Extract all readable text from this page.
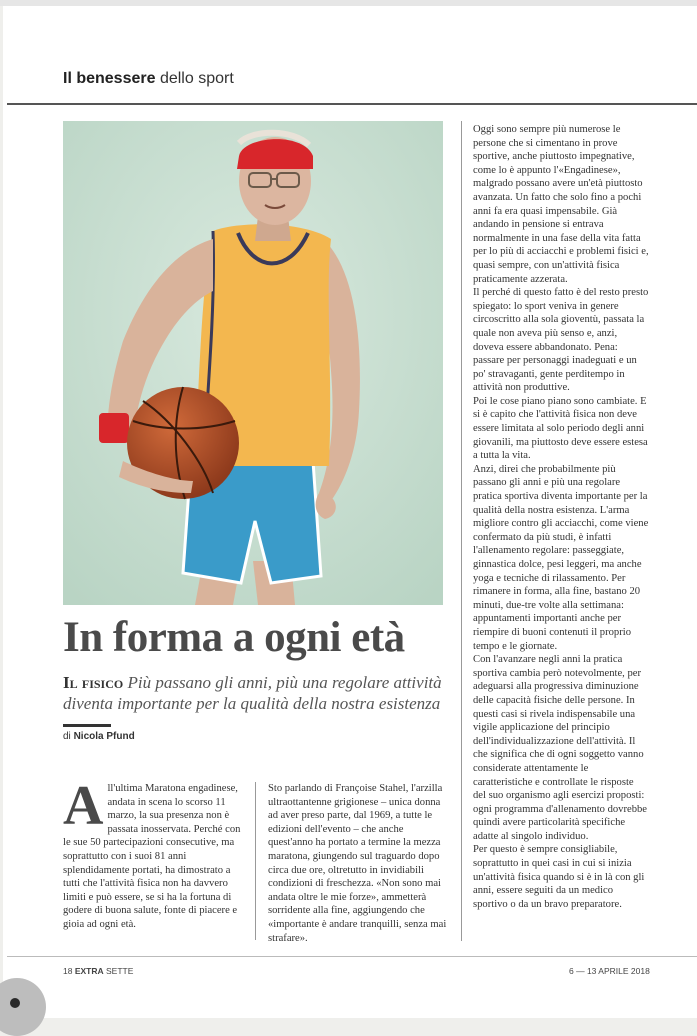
Il benessere dello sport
In forma a ogni età
Il fisico Più passano gli anni, più una regolare attività diventa importante per la qualità della nostra esistenza
di Nicola Pfund

All'ultima Maratona engadinese, andata in scena lo scorso 11 marzo, la sua presenza non è passata inosservata. Perché con le sue 50 partecipazioni consecutive, ma soprattutto con i suoi 81 anni splendidamente portati, ha dimostrato a tutti che l'attività fisica non ha davvero limiti e può essere, se si ha la fortuna di godere di buona salute, fonte di piacere e gioia ad ogni età.

Sto parlando di Françoise Stahel, l'arzilla ultraottantenne grigionese – unica donna ad aver preso parte, dal 1969, a tutte le edizioni dell'evento – che anche quest'anno ha portato a termine la mezza maratona, giungendo sul traguardo dopo circa due ore, oltretutto in invidiabili condizioni di freschezza. «Non sono mai andata oltre le mie forze», ammetterà sorridente alla fine, aggiungendo che «importante è andare tranquilli, senza mai strafare».

Oggi sono sempre più numerose le persone che si cimentano in prove sportive, anche piuttosto impegnative, come lo è appunto l'«Engadinese», malgrado possano avere un'età piuttosto avanzata. Un fatto che solo fino a pochi anni fa era quasi impensabile. Già andando in pensione si entrava normalmente in una fase della vita fatta per lo più di acciacchi e problemi fisici e, quasi sempre, con un'attività fisica praticamente azzerata.

Il perché di questo fatto è del resto presto spiegato: lo sport veniva in genere circoscritto alla sola gioventù, passata la quale non aveva più senso e, anzi, doveva essere abbandonato. Pena: passare per personaggi inadeguati e un po' stravaganti, gente perditempo in attività non produttive.

Poi le cose piano piano sono cambiate. E si è capito che l'attività fisica non deve essere limitata al solo periodo degli anni giovanili, ma piuttosto deve essere estesa a tutta la vita.

Anzi, direi che probabilmente più passano gli anni e più una regolare pratica sportiva diventa importante per la qualità della nostra esistenza. L'arma migliore contro gli acciacchi, come viene confermato da più studi, è infatti l'allenamento regolare: passeggiate, ginnastica dolce, pesi leggeri, ma anche yoga e tecniche di rilassamento. Per rimanere in forma, alla fine, bastano 20 minuti, due-tre volte alla settimana: appuntamenti importanti anche per riempire di buoni contenuti il proprio tempo e le giornate.

Con l'avanzare negli anni la pratica sportiva cambia però notevolmente, per adeguarsi alla progressiva diminuzione delle capacità fisiche delle persone. In questi casi si rivela indispensabile una vigile applicazione del principio dell'individualizzazione dell'attività. Il che significa che di ogni soggetto vanno considerate attentamente le caratteristiche e controllate le risposte del suo organismo agli esercizi proposti: ogni programma d'allenamento dovrebbe quindi avere particolarità specifiche adatte al singolo individuo.

Per questo è sempre consigliabile, soprattutto in quei casi in cui si inizia un'attività fisica quando si è in là con gli anni, essere seguiti da un medico sportivo o da un bravo preparatore.

18 EXTRA SETTE	6 — 13 APRILE 2018
